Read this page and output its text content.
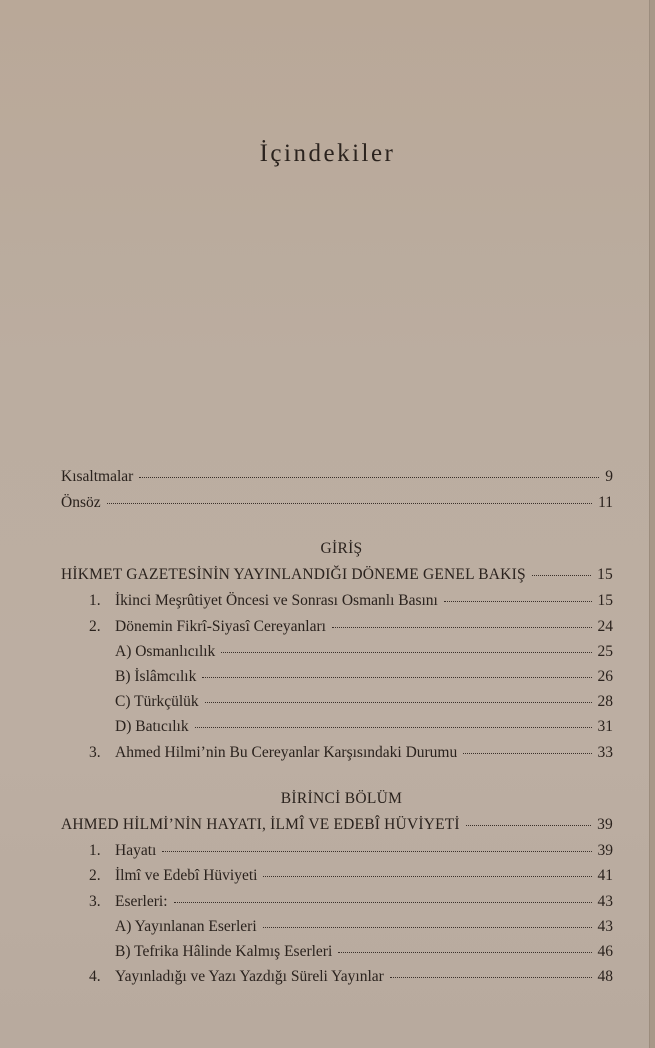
İçindekiler
Kısaltmalar	9
Önsöz	11
GİRİŞ
HİKMET GAZETESİNİN YAYINLANDIĞI DÖNEME GENEL BAKIŞ	15
1. İkinci Meşrûtiyet Öncesi ve Sonrası Osmanlı Basını	15
2. Dönemin Fikrî-Siyasî Cereyanları	24
A) Osmanlıcılık	25
B) İslâmcılık	26
C) Türkçülük	28
D) Batıcılık	31
3. Ahmed Hilmi’nin Bu Cereyanlar Karşısındaki Durumu	33
BİRİNCİ BÖLÜM
AHMED HİLMİ’NİN HAYATI, İLMÎ VE EDEBÎ HÜVİYETİ	39
1. Hayatı	39
2. İlmî ve Edebî Hüviyeti	41
3. Eserleri:	43
A) Yayınlanan Eserleri	43
B) Tefrika Hâlinde Kalmış Eserleri	46
4. Yayınladığı ve Yazı Yazdığı Süreli Yayınlar	48
